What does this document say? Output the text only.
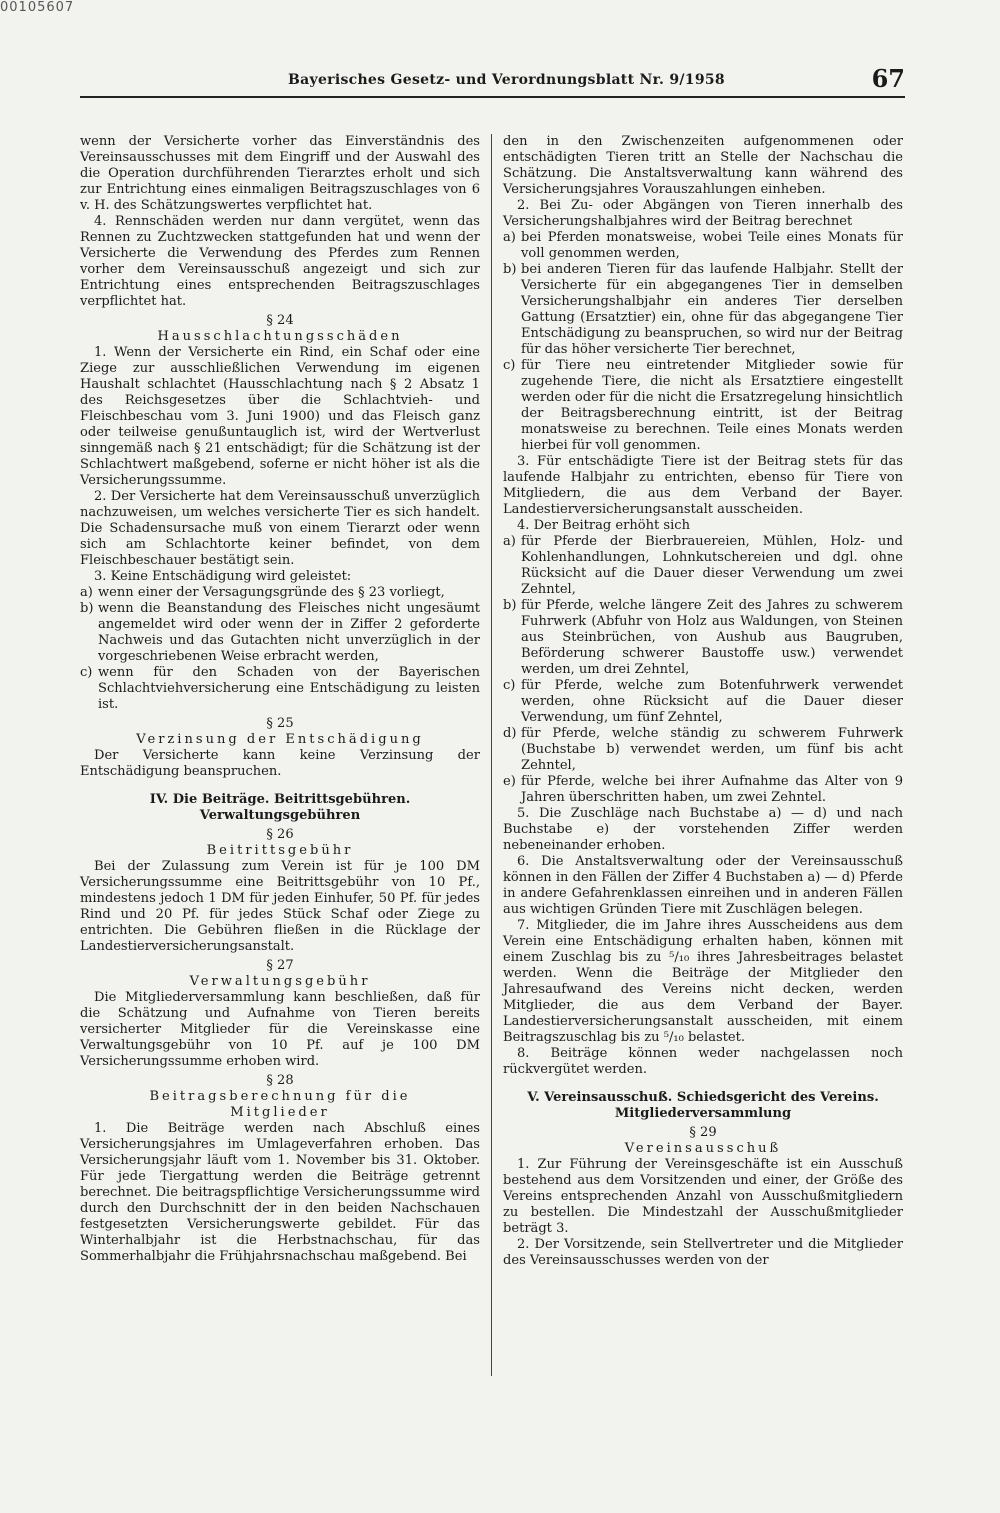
00105607
Bayerisches Gesetz- und Verordnungsblatt Nr. 9/1958	67

wenn der Versicherte vorher das Einverständnis des Vereinsausschusses mit dem Eingriff und der Auswahl des die Operation durchführenden Tierarztes erholt und sich zur Entrichtung eines einmaligen Beitragszuschlages von 6 v. H. des Schätzungswertes verpflichtet hat.

4. Rennschäden werden nur dann vergütet, wenn das Rennen zu Zuchtzwecken stattgefunden hat und wenn der Versicherte die Verwendung des Pferdes zum Rennen vorher dem Vereinsausschuß angezeigt und sich zur Entrichtung eines entsprechenden Beitragszuschlages verpflichtet hat.

§ 24

Hausschlachtungsschäden

1. Wenn der Versicherte ein Rind, ein Schaf oder eine Ziege zur ausschließlichen Verwendung im eigenen Haushalt schlachtet (Hausschlachtung nach § 2 Absatz 1 des Reichsgesetzes über die Schlachtvieh- und Fleischbeschau vom 3. Juni 1900) und das Fleisch ganz oder teilweise genußuntauglich ist, wird der Wertverlust sinngemäß nach § 21 entschädigt; für die Schätzung ist der Schlachtwert maßgebend, soferne er nicht höher ist als die Versicherungssumme.

2. Der Versicherte hat dem Vereinsausschuß unverzüglich nachzuweisen, um welches versicherte Tier es sich handelt. Die Schadensursache muß von einem Tierarzt oder wenn sich am Schlachtorte keiner befindet, von dem Fleischbeschauer bestätigt sein.

3. Keine Entschädigung wird geleistet:

a) wenn einer der Versagungsgründe des § 23 vorliegt,
b) wenn die Beanstandung des Fleisches nicht ungesäumt angemeldet wird oder wenn der in Ziffer 2 geforderte Nachweis und das Gutachten nicht unverzüglich in der vorgeschriebenen Weise erbracht werden,
c) wenn für den Schaden von der Bayerischen Schlachtviehversicherung eine Entschädigung zu leisten ist.

§ 25

Verzinsung der Entschädigung

Der Versicherte kann keine Verzinsung der Entschädigung beanspruchen.

IV. Die Beiträge. Beitrittsgebühren.

Verwaltungsgebühren

§ 26

Beitrittsgebühr

Bei der Zulassung zum Verein ist für je 100 DM Versicherungssumme eine Beitrittsgebühr von 10 Pf., mindestens jedoch 1 DM für jeden Einhufer, 50 Pf. für jedes Rind und 20 Pf. für jedes Stück Schaf oder Ziege zu entrichten. Die Gebühren fließen in die Rücklage der Landestierversicherungsanstalt.

§ 27

Verwaltungsgebühr

Die Mitgliederversammlung kann beschließen, daß für die Schätzung und Aufnahme von Tieren bereits versicherter Mitglieder für die Vereinskasse eine Verwaltungsgebühr von 10 Pf. auf je 100 DM Versicherungssumme erhoben wird.

§ 28

Beitragsberechnung für die

Mitglieder

1. Die Beiträge werden nach Abschluß eines Versicherungsjahres im Umlageverfahren erhoben. Das Versicherungsjahr läuft vom 1. November bis 31. Oktober. Für jede Tiergattung werden die Beiträge getrennt berechnet. Die beitragspflichtige Versicherungssumme wird durch den Durchschnitt der in den beiden Nachschauen festgesetzten Versicherungswerte gebildet. Für das Winterhalbjahr ist die Herbstnachschau, für das Sommerhalbjahr die Frühjahrsnachschau maßgebend. Bei

den in den Zwischenzeiten aufgenommenen oder entschädigten Tieren tritt an Stelle der Nachschau die Schätzung. Die Anstaltsverwaltung kann während des Versicherungsjahres Vorauszahlungen einheben.

2. Bei Zu- oder Abgängen von Tieren innerhalb des Versicherungshalbjahres wird der Beitrag berechnet

a) bei Pferden monatsweise, wobei Teile eines Monats für voll genommen werden,
b) bei anderen Tieren für das laufende Halbjahr. Stellt der Versicherte für ein abgegangenes Tier in demselben Versicherungshalbjahr ein anderes Tier derselben Gattung (Ersatztier) ein, ohne für das abgegangene Tier Entschädigung zu beanspruchen, so wird nur der Beitrag für das höher versicherte Tier berechnet,
c) für Tiere neu eintretender Mitglieder sowie für zugehende Tiere, die nicht als Ersatztiere eingestellt werden oder für die nicht die Ersatzregelung hinsichtlich der Beitragsberechnung eintritt, ist der Beitrag monatsweise zu berechnen. Teile eines Monats werden hierbei für voll genommen.

3. Für entschädigte Tiere ist der Beitrag stets für das laufende Halbjahr zu entrichten, ebenso für Tiere von Mitgliedern, die aus dem Verband der Bayer. Landestierversicherungsanstalt ausscheiden.

4. Der Beitrag erhöht sich

a) für Pferde der Bierbrauereien, Mühlen, Holz- und Kohlenhandlungen, Lohnkutschereien und dgl. ohne Rücksicht auf die Dauer dieser Verwendung um zwei Zehntel,
b) für Pferde, welche längere Zeit des Jahres zu schwerem Fuhrwerk (Abfuhr von Holz aus Waldungen, von Steinen aus Steinbrüchen, von Aushub aus Baugruben, Beförderung schwerer Baustoffe usw.) verwendet werden, um drei Zehntel,
c) für Pferde, welche zum Botenfuhrwerk verwendet werden, ohne Rücksicht auf die Dauer dieser Verwendung, um fünf Zehntel,
d) für Pferde, welche ständig zu schwerem Fuhrwerk (Buchstabe b) verwendet werden, um fünf bis acht Zehntel,
e) für Pferde, welche bei ihrer Aufnahme das Alter von 9 Jahren überschritten haben, um zwei Zehntel.

5. Die Zuschläge nach Buchstabe a) — d) und nach Buchstabe e) der vorstehenden Ziffer werden nebeneinander erhoben.

6. Die Anstaltsverwaltung oder der Vereinsausschuß können in den Fällen der Ziffer 4 Buchstaben a) — d) Pferde in andere Gefahrenklassen einreihen und in anderen Fällen aus wichtigen Gründen Tiere mit Zuschlägen belegen.

7. Mitglieder, die im Jahre ihres Ausscheidens aus dem Verein eine Entschädigung erhalten haben, können mit einem Zuschlag bis zu ⁵/₁₀ ihres Jahresbeitrages belastet werden. Wenn die Beiträge der Mitglieder den Jahresaufwand des Vereins nicht decken, werden Mitglieder, die aus dem Verband der Bayer. Landestierversicherungsanstalt ausscheiden, mit einem Beitragszuschlag bis zu ⁵/₁₀ belastet.

8. Beiträge können weder nachgelassen noch rückvergütet werden.

V. Vereinsausschuß. Schiedsgericht des Vereins.

Mitgliederversammlung

§ 29

Vereinsausschuß

1. Zur Führung der Vereinsgeschäfte ist ein Ausschuß bestehend aus dem Vorsitzenden und einer, der Größe des Vereins entsprechenden Anzahl von Ausschußmitgliedern zu bestellen. Die Mindestzahl der Ausschußmitglieder beträgt 3.

2. Der Vorsitzende, sein Stellvertreter und die Mitglieder des Vereinsausschusses werden von der
